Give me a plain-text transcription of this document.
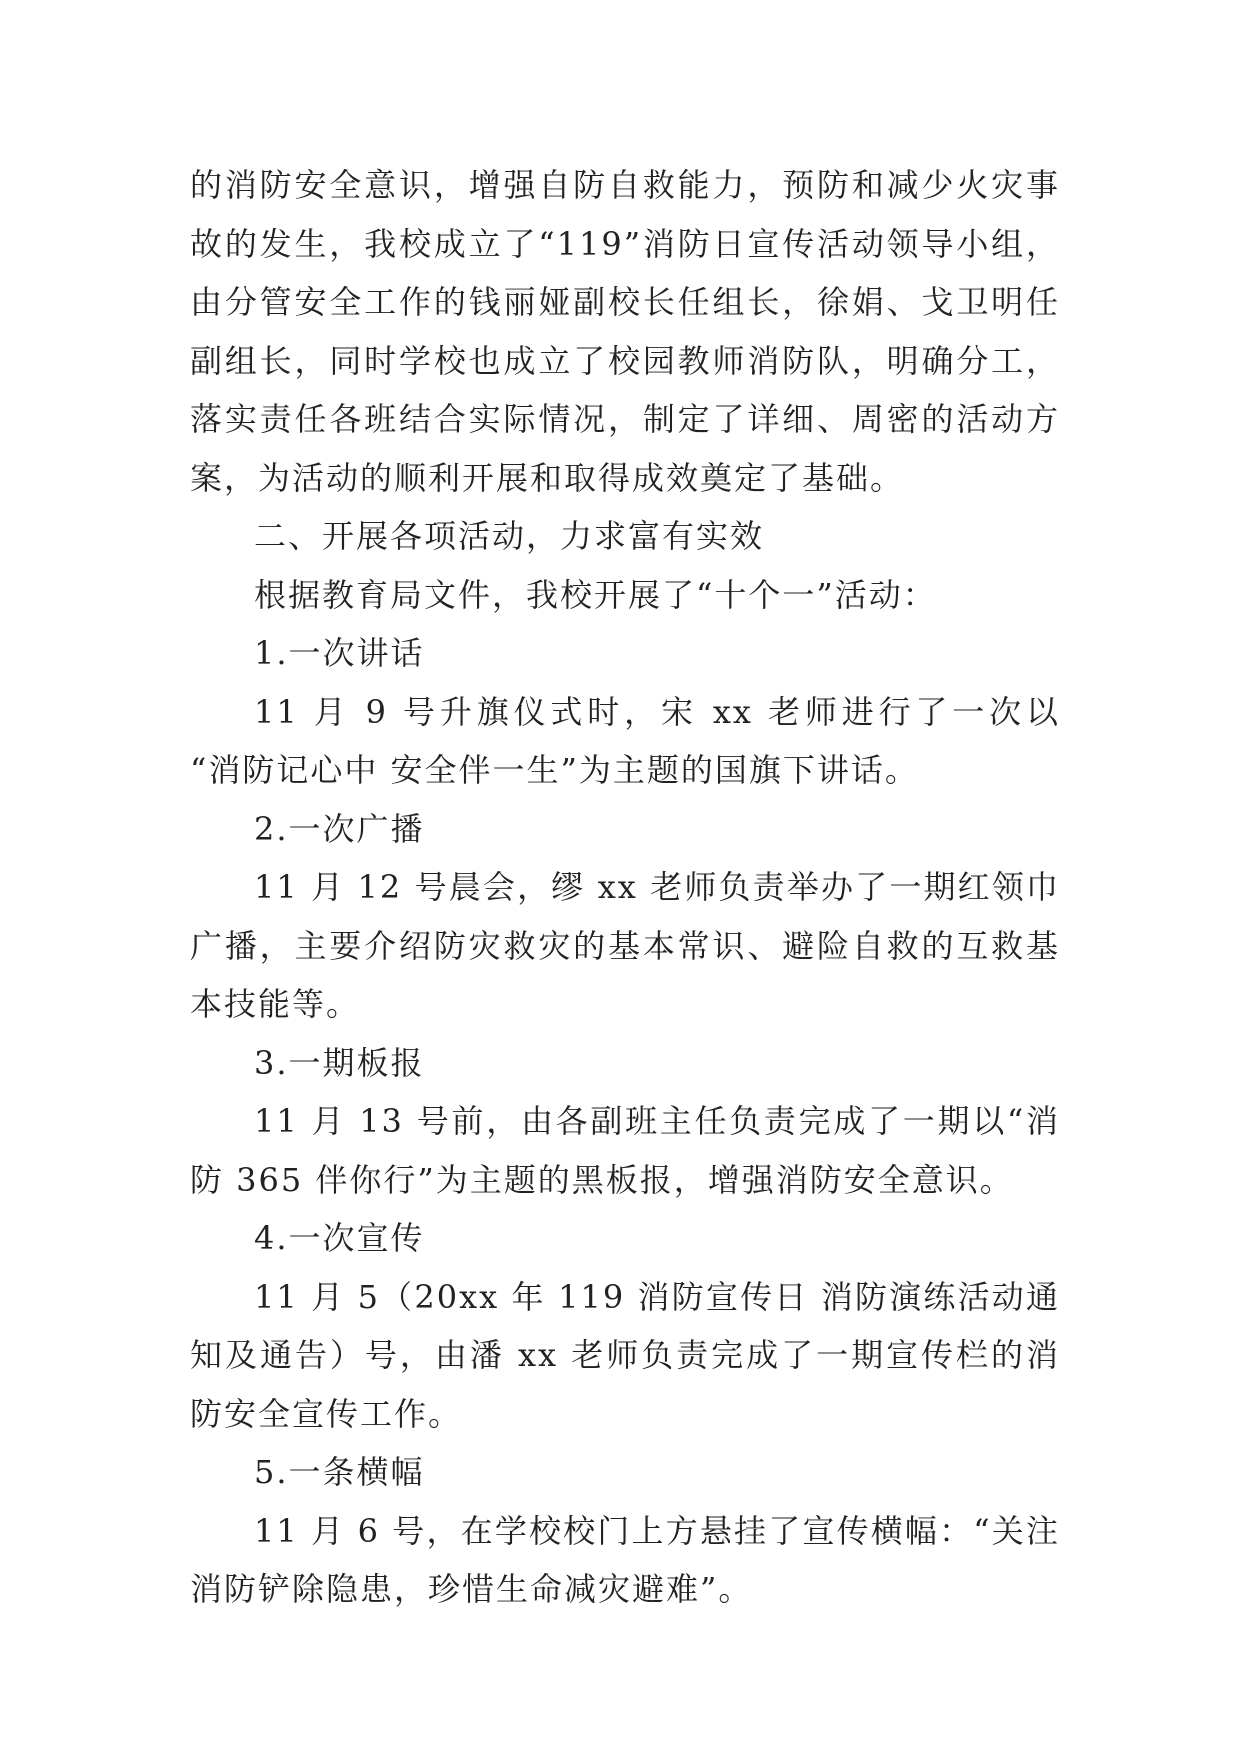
的消防安全意识，增强自防自救能力，预防和减少火灾事故的发生，我校成立了“119”消防日宣传活动领导小组，由分管安全工作的钱丽娅副校长任组长，徐娟、戈卫明任副组长，同时学校也成立了校园教师消防队，明确分工，落实责任各班结合实际情况，制定了详细、周密的活动方案，为活动的顺利开展和取得成效奠定了基础。

二、开展各项活动，力求富有实效

根据教育局文件，我校开展了“十个一”活动：

1.一次讲话

11 月 9 号升旗仪式时，宋 xx 老师进行了一次以 “消防记心中 安全伴一生”为主题的国旗下讲话。

2.一次广播

11 月 12 号晨会，缪 xx 老师负责举办了一期红领巾广播，主要介绍防灾救灾的基本常识、避险自救的互救基本技能等。

3.一期板报

11 月 13 号前，由各副班主任负责完成了一期以“消防 365 伴你行”为主题的黑板报，增强消防安全意识。

4.一次宣传

11 月 5（20xx 年 119 消防宣传日 消防演练活动通知及通告）号，由潘 xx 老师负责完成了一期宣传栏的消防安全宣传工作。

5.一条横幅

11 月 6 号，在学校校门上方悬挂了宣传横幅：“关注消防铲除隐患，珍惜生命减灾避难”。
